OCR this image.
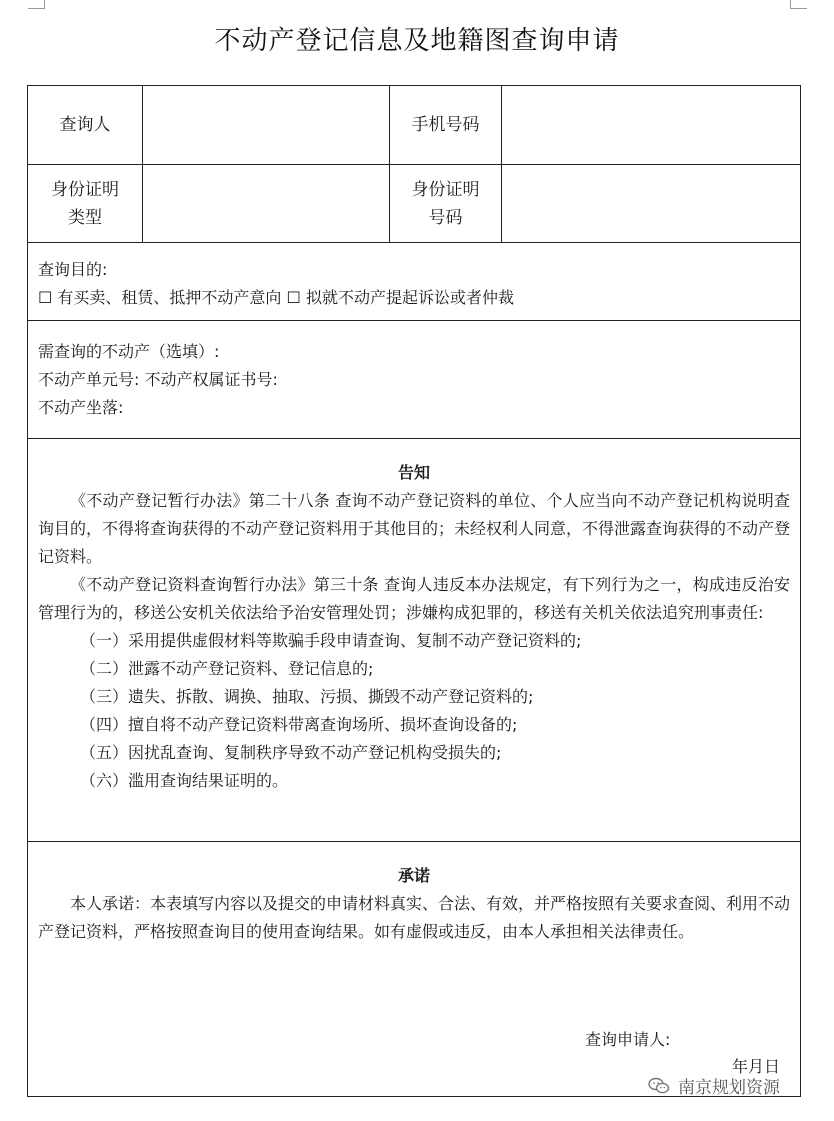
不动产登记信息及地籍图查询申请
查询人	手机号码
身份证明
类型
身份证明
号码
查询目的:
☐ 有买卖、租赁、抵押不动产意向 ☐ 拟就不动产提起诉讼或者仲裁
需查询的不动产（选填）:
不动产单元号: 不动产权属证书号:
不动产坐落:
告知
《不动产登记暂行办法》第二十八条 查询不动产登记资料的单位、个人应当向不动产登记机构说明查询目的，不得将查询获得的不动产登记资料用于其他目的；未经权利人同意，不得泄露查询获得的不动产登记资料。
《不动产登记资料查询暂行办法》第三十条 查询人违反本办法规定，有下列行为之一，构成违反治安管理行为的，移送公安机关依法给予治安管理处罚；涉嫌构成犯罪的，移送有关机关依法追究刑事责任:
（一）采用提供虚假材料等欺骗手段申请查询、复制不动产登记资料的;
（二）泄露不动产登记资料、登记信息的;
（三）遗失、拆散、调换、抽取、污损、撕毁不动产登记资料的;
（四）擅自将不动产登记资料带离查询场所、损坏查询设备的;
（五）因扰乱查询、复制秩序导致不动产登记机构受损失的;
（六）滥用查询结果证明的。
承诺
本人承诺：本表填写内容以及提交的申请材料真实、合法、有效，并严格按照有关要求查阅、利用不动产登记资料，严格按照查询目的使用查询结果。如有虚假或违反，由本人承担相关法律责任。
查询申请人:
年月日
南京规划资源
